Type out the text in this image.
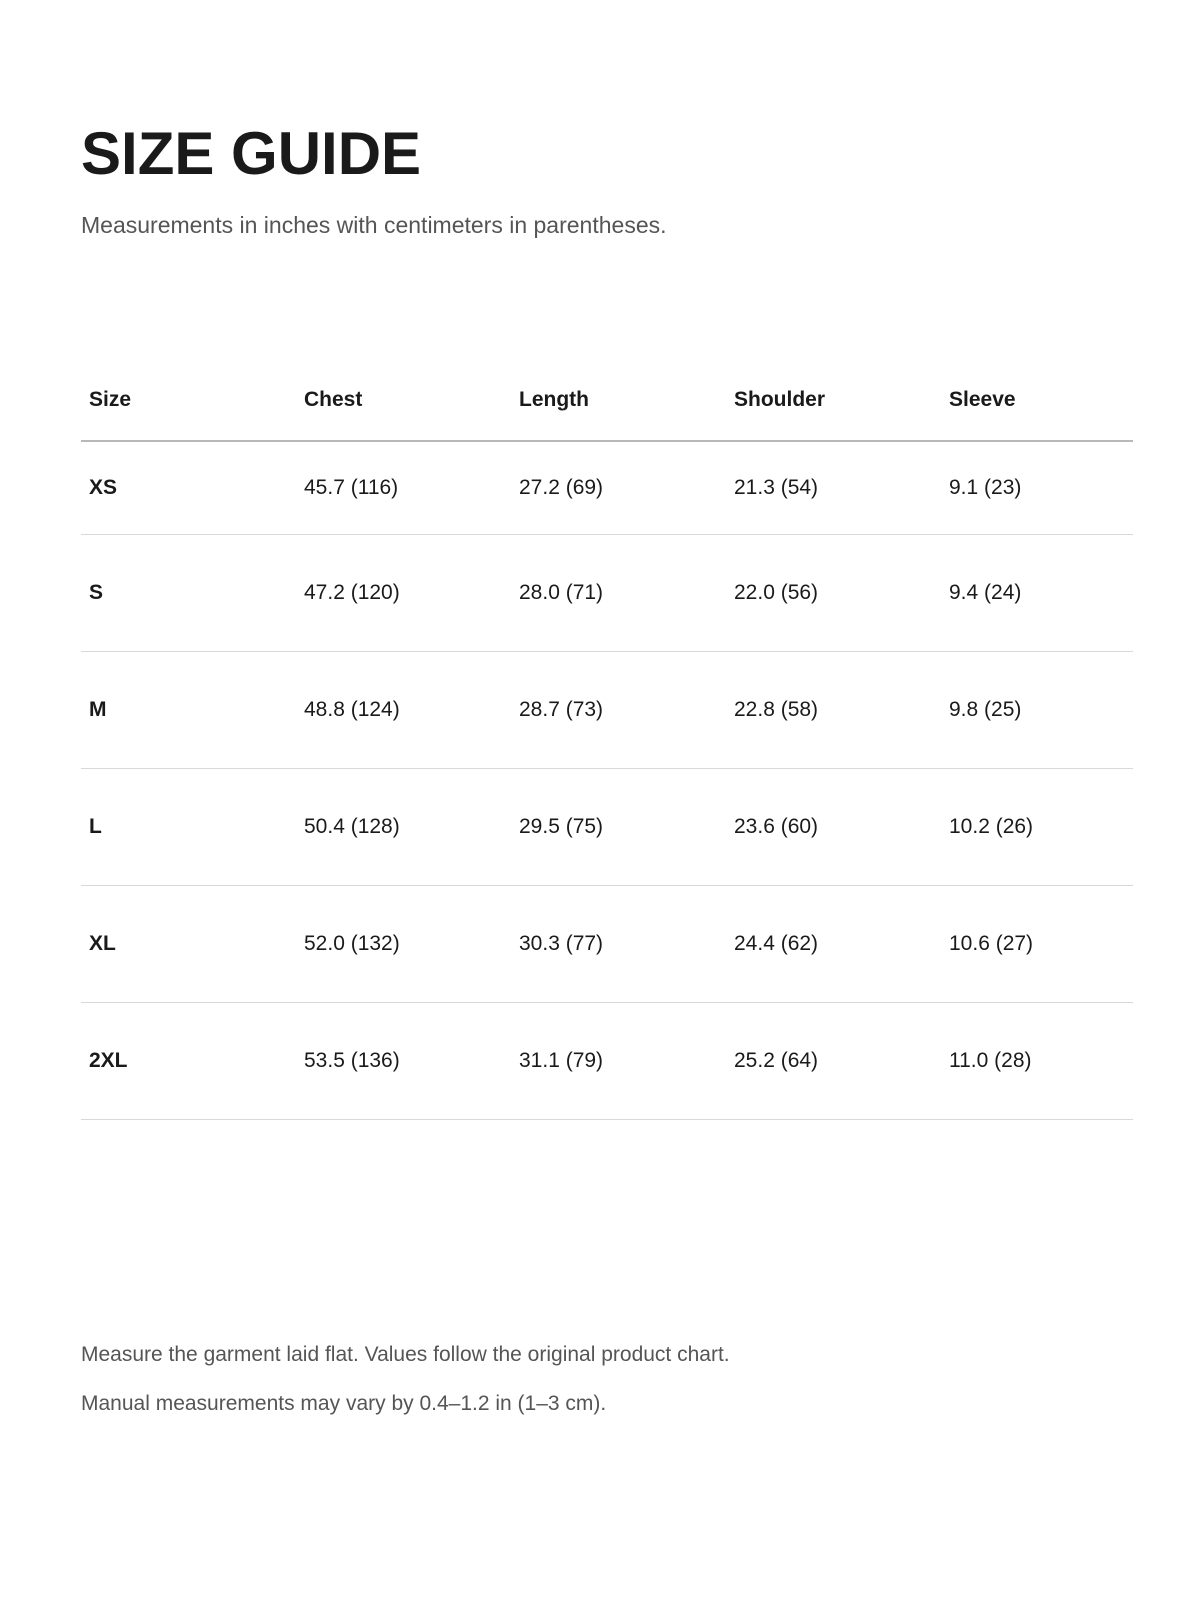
SIZE GUIDE

Measurements in inches with centimeters in parentheses.

Size	Chest	Length	Shoulder	Sleeve
XS	45.7 (116)	27.2 (69)	21.3 (54)	9.1 (23)
S	47.2 (120)	28.0 (71)	22.0 (56)	9.4 (24)
M	48.8 (124)	28.7 (73)	22.8 (58)	9.8 (25)
L	50.4 (128)	29.5 (75)	23.6 (60)	10.2 (26)
XL	52.0 (132)	30.3 (77)	24.4 (62)	10.6 (27)
2XL	53.5 (136)	31.1 (79)	25.2 (64)	11.0 (28)

Measure the garment laid flat. Values follow the original product chart.

Manual measurements may vary by 0.4–1.2 in (1–3 cm).
